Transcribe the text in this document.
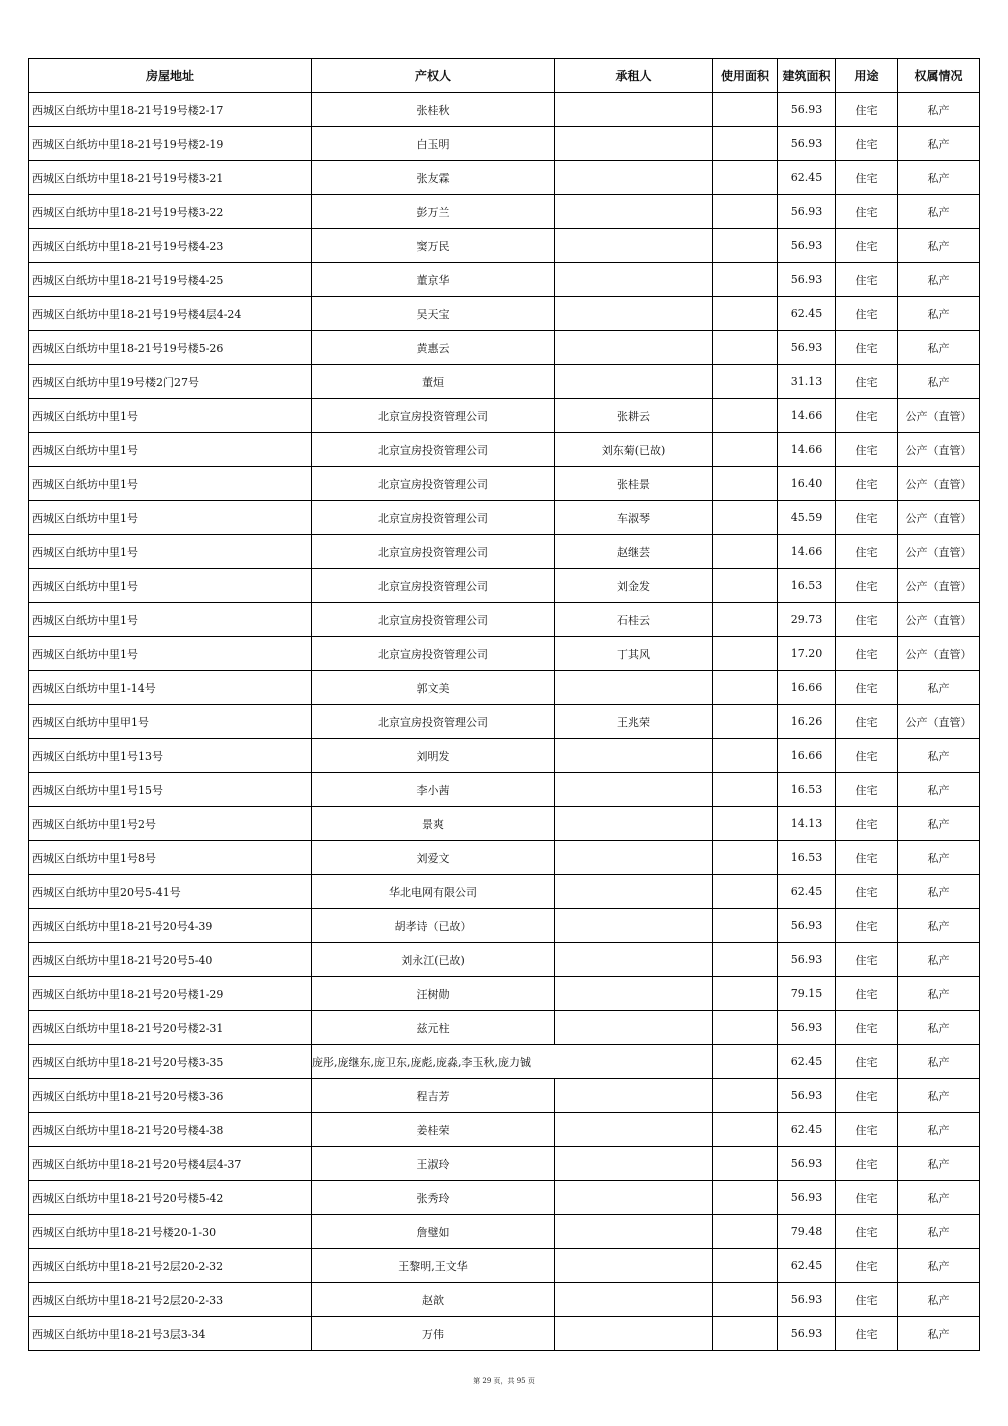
房屋地址	产权人	承租人	使用面积	建筑面积	用途	权属情况
西城区白纸坊中里18-21号19号楼2-17	张桂秋			56.93	住宅	私产
西城区白纸坊中里18-21号19号楼2-19	白玉明			56.93	住宅	私产
西城区白纸坊中里18-21号19号楼3-21	张友霖			62.45	住宅	私产
西城区白纸坊中里18-21号19号楼3-22	彭万兰			56.93	住宅	私产
西城区白纸坊中里18-21号19号楼4-23	窦万民			56.93	住宅	私产
西城区白纸坊中里18-21号19号楼4-25	董京华			56.93	住宅	私产
西城区白纸坊中里18-21号19号楼4层4-24	吴天宝			62.45	住宅	私产
西城区白纸坊中里18-21号19号楼5-26	黄惠云			56.93	住宅	私产
西城区白纸坊中里19号楼2门27号	董烜			31.13	住宅	私产
西城区白纸坊中里1号	北京宣房投资管理公司	张耕云		14.66	住宅	公产（直管）
西城区白纸坊中里1号	北京宣房投资管理公司	刘东菊(已故)		14.66	住宅	公产（直管）
西城区白纸坊中里1号	北京宣房投资管理公司	张桂景		16.40	住宅	公产（直管）
西城区白纸坊中里1号	北京宣房投资管理公司	车淑琴		45.59	住宅	公产（直管）
西城区白纸坊中里1号	北京宣房投资管理公司	赵继芸		14.66	住宅	公产（直管）
西城区白纸坊中里1号	北京宣房投资管理公司	刘金发		16.53	住宅	公产（直管）
西城区白纸坊中里1号	北京宣房投资管理公司	石桂云		29.73	住宅	公产（直管）
西城区白纸坊中里1号	北京宣房投资管理公司	丁其风		17.20	住宅	公产（直管）
西城区白纸坊中里1-14号	郭文美			16.66	住宅	私产
西城区白纸坊中里甲1号	北京宣房投资管理公司	王兆荣		16.26	住宅	公产（直管）
西城区白纸坊中里1号13号	刘明发			16.66	住宅	私产
西城区白纸坊中里1号15号	李小茜			16.53	住宅	私产
西城区白纸坊中里1号2号	景爽			14.13	住宅	私产
西城区白纸坊中里1号8号	刘爱文			16.53	住宅	私产
西城区白纸坊中里20号5-41号	华北电网有限公司			62.45	住宅	私产
西城区白纸坊中里18-21号20号4-39	胡孝诗（已故）			56.93	住宅	私产
西城区白纸坊中里18-21号20号5-40	刘永江(已故)			56.93	住宅	私产
西城区白纸坊中里18-21号20号楼1-29	汪树勋			79.15	住宅	私产
西城区白纸坊中里18-21号20号楼2-31	兹元柱			56.93	住宅	私产
西城区白纸坊中里18-21号20号楼3-35	庞彤,庞继东,庞卫东,庞彪,庞淼,李玉秋,庞力铖			62.45	住宅	私产
西城区白纸坊中里18-21号20号楼3-36	程吉芳			56.93	住宅	私产
西城区白纸坊中里18-21号20号楼4-38	姜桂荣			62.45	住宅	私产
西城区白纸坊中里18-21号20号楼4层4-37	王淑玲			56.93	住宅	私产
西城区白纸坊中里18-21号20号楼5-42	张秀玲			56.93	住宅	私产
西城区白纸坊中里18-21号楼20-1-30	詹璧如			79.48	住宅	私产
西城区白纸坊中里18-21号2层20-2-32	王黎明,王文华			62.45	住宅	私产
西城区白纸坊中里18-21号2层20-2-33	赵歆			56.93	住宅	私产
西城区白纸坊中里18-21号3层3-34	万伟			56.93	住宅	私产
第 29 页，共 95 页
